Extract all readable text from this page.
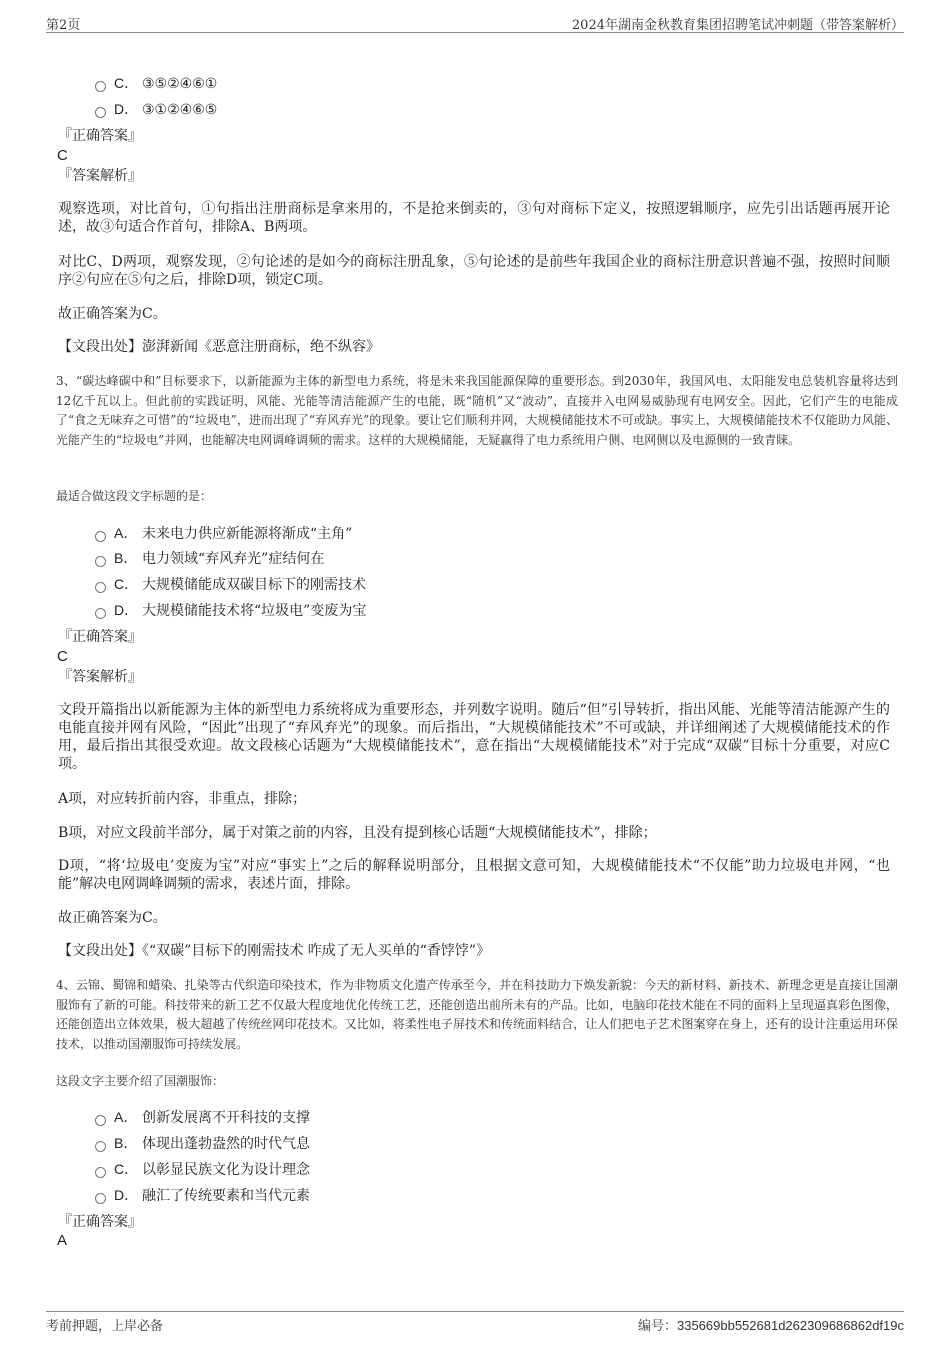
第2页	2024年湖南金秋教育集团招聘笔试冲刺题（带答案解析）
C． ③⑤②④⑥①
D． ③①②④⑥⑤
『正确答案』
C
『答案解析』
观察选项，对比首句，①句指出注册商标是拿来用的，不是抢来倒卖的，③句对商标下定义，按照逻辑顺序，应先引出话题再展开论述，故③句适合作首句，排除A、B两项。
对比C、D两项，观察发现，②句论述的是如今的商标注册乱象，⑤句论述的是前些年我国企业的商标注册意识普遍不强，按照时间顺序②句应在⑤句之后，排除D项，锁定C项。
故正确答案为C。
【文段出处】澎湃新闻《恶意注册商标，绝不纵容》
3、“碳达峰碳中和”目标要求下，以新能源为主体的新型电力系统，将是未来我国能源保障的重要形态。到2030年，我国风电、太阳能发电总装机容量将达到12亿千瓦以上。但此前的实践证明，风能、光能等清洁能源产生的电能，既“随机”又“波动”，直接并入电网易威胁现有电网安全。因此，它们产生的电能成了“食之无味弃之可惜”的“垃圾电”，进而出现了“弃风弃光”的现象。要让它们顺利并网，大规模储能技术不可或缺。事实上，大规模储能技术不仅能助力风能、光能产生的“垃圾电”并网，也能解决电网调峰调频的需求。这样的大规模储能，无疑赢得了电力系统用户侧、电网侧以及电源侧的一致青睐。
最适合做这段文字标题的是：
A． 未来电力供应新能源将渐成“主角”
B． 电力领域“弃风弃光”症结何在
C． 大规模储能成双碳目标下的刚需技术
D． 大规模储能技术将“垃圾电”变废为宝
『正确答案』
C
『答案解析』
文段开篇指出以新能源为主体的新型电力系统将成为重要形态，并列数字说明。随后“但”引导转折，指出风能、光能等清洁能源产生的电能直接并网有风险，“因此”出现了“弃风弃光”的现象。而后指出，“大规模储能技术”不可或缺，并详细阐述了大规模储能技术的作用，最后指出其很受欢迎。故文段核心话题为“大规模储能技术”，意在指出“大规模储能技术”对于完成“双碳”目标十分重要，对应C项。
A项，对应转折前内容，非重点，排除；
B项，对应文段前半部分，属于对策之前的内容，且没有提到核心话题“大规模储能技术”，排除；
D项，“将‘垃圾电’变废为宝”对应“事实上”之后的解释说明部分，且根据文意可知，大规模储能技术“不仅能”助力垃圾电并网，“也能”解决电网调峰调频的需求，表述片面，排除。
故正确答案为C。
【文段出处】《“双碳”目标下的刚需技术 咋成了无人买单的“香饽饽”》
4、云锦、蜀锦和蜡染、扎染等古代织造印染技术，作为非物质文化遗产传承至今，并在科技助力下焕发新貌：今天的新材料、新技术、新理念更是直接让国潮服饰有了新的可能。科技带来的新工艺不仅最大程度地优化传统工艺，还能创造出前所未有的产品。比如，电脑印花技术能在不同的面料上呈现逼真彩色图像，还能创造出立体效果，极大超越了传统丝网印花技术。又比如，将柔性电子屏技术和传统面料结合，让人们把电子艺术图案穿在身上，还有的设计注重运用环保技术，以推动国潮服饰可持续发展。
这段文字主要介绍了国潮服饰：
A． 创新发展离不开科技的支撑
B． 体现出蓬勃盎然的时代气息
C． 以彰显民族文化为设计理念
D． 融汇了传统要素和当代元素
『正确答案』
A
考前押题，上岸必备	编号：335669bb552681d262309686862df19c
